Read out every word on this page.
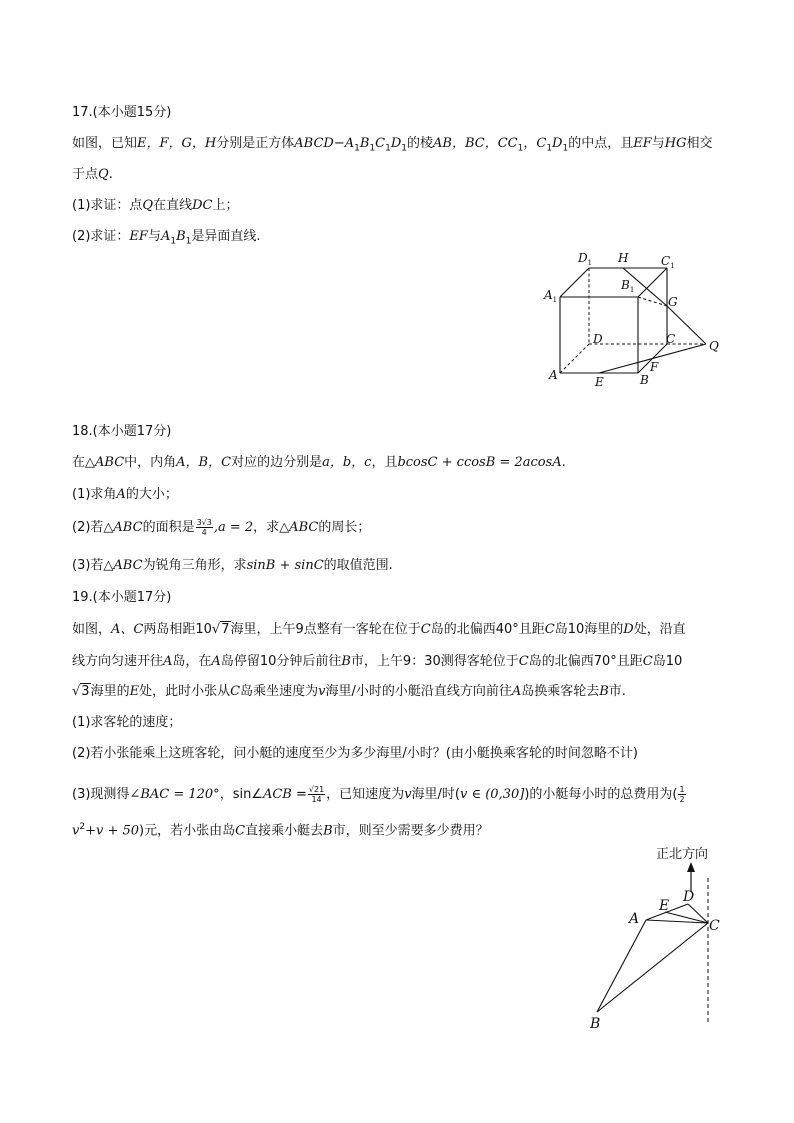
17.(本小题15分)
如图，已知E，F，G，H分别是正方体$ABCD-A_1B_1C_1D_1$的棱AB，BC，$CC_1$，$C_1D_1$的中点，且EF与HG相交
于点Q.
(1)求证：点Q在直线DC上；
(2)求证：EF与$A_1B_1$是异面直线.
$D_1$ H	$C_1$
$A_1$
$B_1$
G
D	C	Q
A
F
B
E
18.(本小题17分)
在△ABC中，内角A，B，C对应的边分别是a，b，c，且bcosC + ccosB = 2acosA.
(1)求角A的大小；
(2)若△ABC的面积是 $\frac{3√3}{4} ,a = 2$，求△ABC的周长；
(3)若△ABC为锐角三角形，求sinB + sinC的取值范围.
19.(本小题17分)
如图，A、C两岛相距10√7海里，上午9点整有一客轮在位于C岛的北偏西40°且距C岛10海里的D处，沿直
线方向匀速开往A岛，在A岛停留10分钟后前往B市，上午9：30测得客轮位于C岛的北偏西70°且距C岛10
√3海里的E处，此时小张从C岛乘坐速度为v海里/小时的小艇沿直线方向前往A岛换乘客轮去B市.
(1)求客轮的速度；
(2)若小张能乘上这班客轮，问小艇的速度至少为多少海里/小时？(由小艇换乘客轮的时间忽略不计)
(3)现测得∠BAC = 120°，sin∠ACB = $\frac{√21}{14}$ ，已知速度为v海里/时(v ∈ (0,30])的小艇每小时的总费用为( $\frac{1}{2}$
$v^2+v + 50$)元，若小张由岛C直接乘小艇去B市，则至少需要多少费用？
正北方向
A
E
D
C
B
